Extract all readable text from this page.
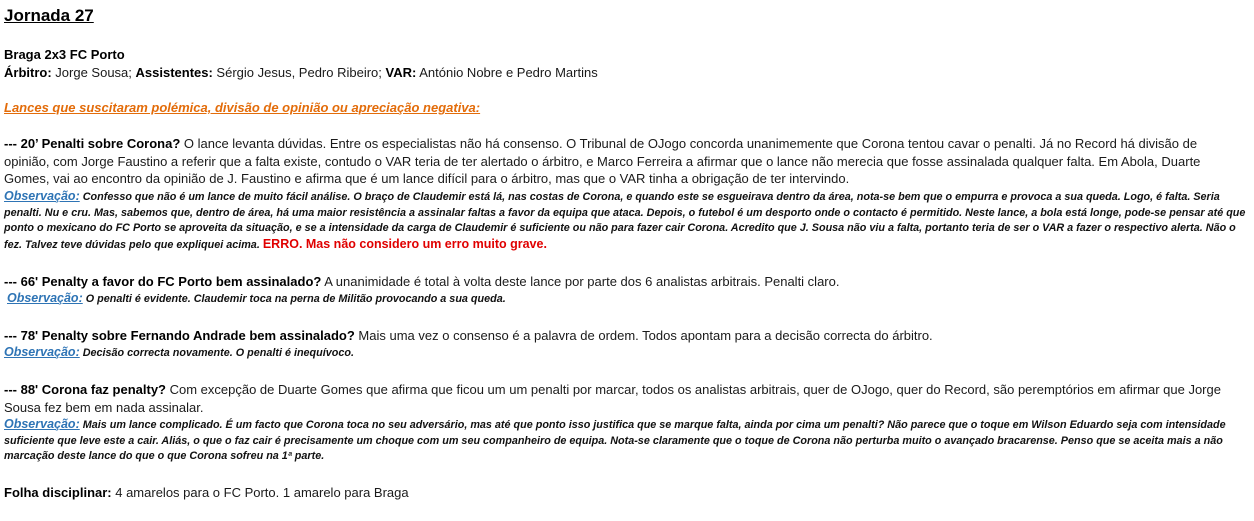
Jornada 27
Braga 2x3 FC Porto
Árbitro: Jorge Sousa; Assistentes: Sérgio Jesus, Pedro Ribeiro; VAR: António Nobre e Pedro Martins
Lances que suscitaram polémica, divisão de opinião ou apreciação negativa:
--- 20’ Penalti sobre Corona? O lance levanta dúvidas. Entre os especialistas não há consenso. O Tribunal de OJogo concorda unanimemente que Corona tentou cavar o penalti. Já no Record há divisão de opinião, com Jorge Faustino a referir que a falta existe, contudo o VAR teria de ter alertado o árbitro, e Marco Ferreira a afirmar que o lance não merecia que fosse assinalada qualquer falta. Em Abola, Duarte Gomes, vai ao encontro da opinião de J. Faustino e afirma que é um lance difícil para o árbitro, mas que o VAR tinha a obrigação de ter intervindo.
Observação: Confesso que não é um lance de muito fácil análise. O braço de Claudemir está lá, nas costas de Corona, e quando este se esgueirava dentro da área, nota-se bem que o empurra e provoca a sua queda. Logo, é falta. Seria penalti. Nu e cru. Mas, sabemos que, dentro de área, há uma maior resistência a assinalar faltas a favor da equipa que ataca. Depois, o futebol é um desporto onde o contacto é permitido. Neste lance, a bola está longe, pode-se pensar até que ponto o mexicano do FC Porto se aproveita da situação, e se a intensidade da carga de Claudemir é suficiente ou não para fazer cair Corona. Acredito que J. Sousa não viu a falta, portanto teria de ser o VAR a fazer o respectivo alerta. Não o fez. Talvez teve dúvidas pelo que expliquei acima. ERRO. Mas não considero um erro muito grave.
--- 66' Penalty a favor do FC Porto bem assinalado? A unanimidade é total à volta deste lance por parte dos 6 analistas arbitrais. Penalti claro.
Observação: O penalti é evidente. Claudemir toca na perna de Militão provocando a sua queda.
--- 78' Penalty sobre Fernando Andrade bem assinalado? Mais uma vez o consenso é a palavra de ordem. Todos apontam para a decisão correcta do árbitro.
Observação: Decisão correcta novamente. O penalti é inequívoco.
--- 88' Corona faz penalty? Com excepção de Duarte Gomes que afirma que ficou um um penalti por marcar, todos os analistas arbitrais, quer de OJogo, quer do Record, são peremptórios em afirmar que Jorge Sousa fez bem em nada assinalar.
Observação: Mais um lance complicado. É um facto que Corona toca no seu adversário, mas até que ponto isso justifica que se marque falta, ainda por cima um penalti? Não parece que o toque em Wilson Eduardo seja com intensidade suficiente que leve este a cair. Aliás, o que o faz cair é precisamente um choque com um seu companheiro de equipa. Nota-se claramente que o toque de Corona não perturba muito o avançado bracarense. Penso que se aceita mais a não marcação deste lance do que o que Corona sofreu na 1ª parte.
Folha disciplinar: 4 amarelos para o FC Porto. 1 amarelo para Braga
